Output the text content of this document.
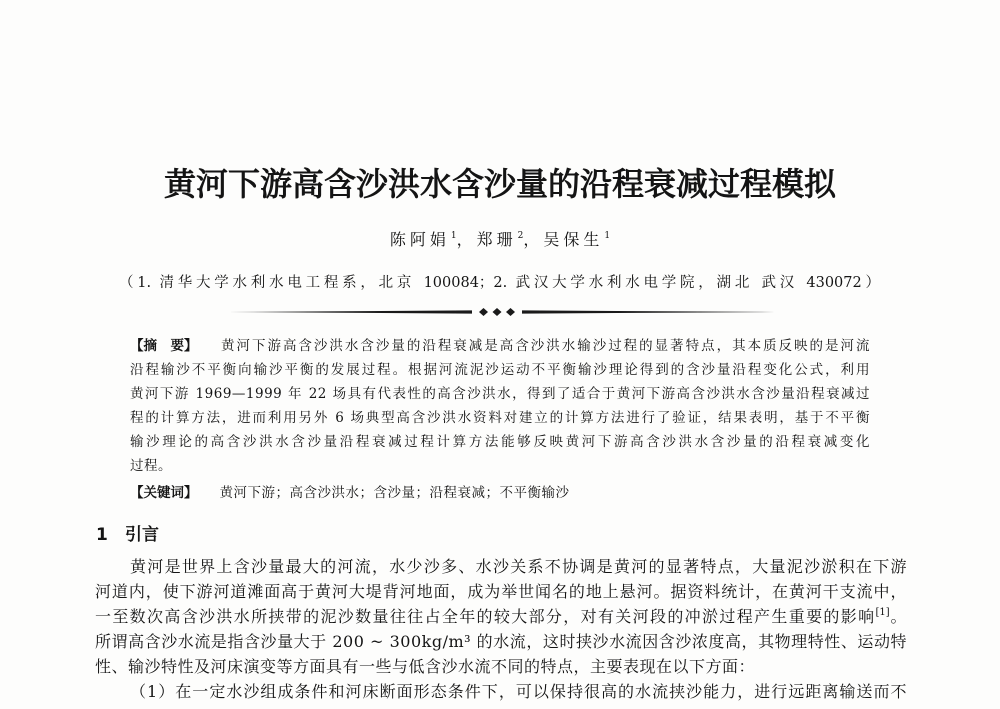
黄河下游高含沙洪水含沙量的沿程衰减过程模拟
陈阿娟$^1$，郑珊$^2$，吴保生$^1$
（1. 清华大学水利水电工程系，北京 100084；2. 武汉大学水利水电学院，湖北 武汉 430072）
【摘　要】 黄河下游高含沙洪水含沙量的沿程衰减是高含沙洪水输沙过程的显著特点，其本质反映的是河流
沿程输沙不平衡向输沙平衡的发展过程。根据河流泥沙运动不平衡输沙理论得到的含沙量沿程变化公式，利用
黄河下游 1969—1999 年 22 场具有代表性的高含沙洪水，得到了适合于黄河下游高含沙洪水含沙量沿程衰减过
程的计算方法，进而利用另外 6 场典型高含沙洪水资料对建立的计算方法进行了验证，结果表明，基于不平衡
输沙理论的高含沙洪水含沙量沿程衰减过程计算方法能够反映黄河下游高含沙洪水含沙量的沿程衰减变化
过程。
【关键词】 黄河下游；高含沙洪水；含沙量；沿程衰减；不平衡输沙
1 引言
黄河是世界上含沙量最大的河流，水少沙多、水沙关系不协调是黄河的显著特点，大量泥沙淤积在下游
河道内，使下游河道滩面高于黄河大堤背河地面，成为举世闻名的地上悬河。据资料统计，在黄河干支流中，
一至数次高含沙洪水所挟带的泥沙数量往往占全年的较大部分，对有关河段的冲淤过程产生重要的影响[1]。
所谓高含沙水流是指含沙量大于 200 ~ 300kg/m³ 的水流，这时挟沙水流因含沙浓度高，其物理特性、运动特
性、输沙特性及河床演变等方面具有一些与低含沙水流不同的特点，主要表现在以下方面：
（1）在一定水沙组成条件和河床断面形态条件下，可以保持很高的水流挟沙能力，进行远距离输送而不
